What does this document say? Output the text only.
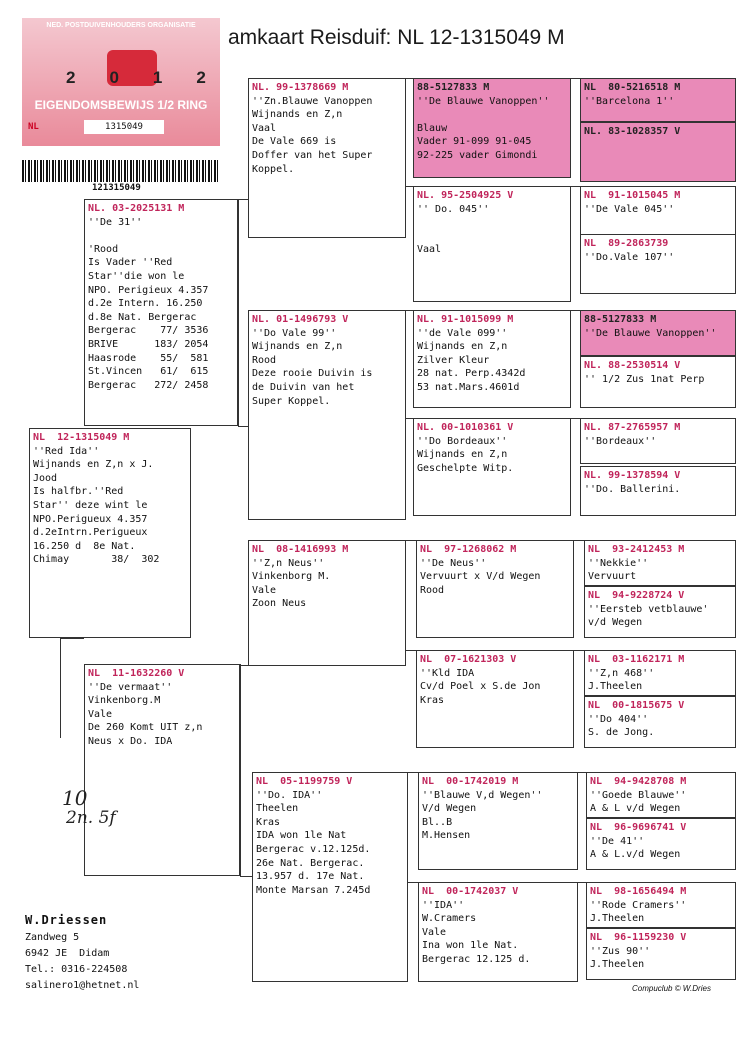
amkaart Reisduif: NL 12-1315049 M
NED. POSTDUIVENHOUDERS ORGANISATIE
2012
EIGENDOMSBEWIJS 1/2 RING
NL	1315049
121315049
NL  12-1315049 M
''Red Ida''
Wijnands en Z,n x J.
Jood
Is halfbr.''Red
Star'' deze wint le
NPO.Perigueux 4.357
d.2eIntrn.Perigueux
16.250 d  8e Nat.
Chimay       38/  302
NL. 03-2025131 M
''De 31''

'Rood
Is Vader ''Red
Star''die won le
NPO. Perigieux 4.357
d.2e Intern. 16.250
d.8e Nat. Bergerac
Bergerac    77/ 3536
BRIVE      183/ 2054
Haasrode    55/  581
St.Vincen   61/  615
Bergerac   272/ 2458
NL  11-1632260 V
''De vermaat''
Vinkenborg.M
Vale
De 260 Komt UIT z,n
Neus x Do. IDA
NL. 99-1378669 M
''Zn.Blauwe Vanoppen
Wijnands en Z,n
Vaal
De Vale 669 is
Doffer van het Super
Koppel.
NL. 01-1496793 V
''Do Vale 99''
Wijnands en Z,n
Rood
Deze rooie Duivin is
de Duivin van het
Super Koppel.
NL  08-1416993 M
''Z,n Neus''
Vinkenborg M.
Vale
Zoon Neus
NL  05-1199759 V
''Do. IDA''
Theelen
Kras
IDA won 1le Nat
Bergerac v.12.125d.
26e Nat. Bergerac.
13.957 d. 17e Nat.
Monte Marsan 7.245d
88-5127833 M
''De Blauwe Vanoppen''

Blauw
Vader 91-099 91-045
92-225 vader Gimondi
NL. 95-2504925 V
'' Do. 045''

Vaal
NL. 91-1015099 M
''de Vale 099''
Wijnands en Z,n
Zilver Kleur
28 nat. Perp.4342d
53 nat.Mars.4601d
NL. 00-1010361 V
''Do Bordeaux''
Wijnands en Z,n
Geschelpte Witp.
NL  97-1268062 M
''De Neus''
Vervuurt x V/d Wegen
Rood
NL  07-1621303 V
''Kld IDA
Cv/d Poel x S.de Jon
Kras
NL  00-1742019 M
''Blauwe V,d Wegen''
V/d Wegen
Bl..B
M.Hensen
NL  00-1742037 V
''IDA''
W.Cramers
Vale
Ina won 1le Nat.
Bergerac 12.125 d.
NL  80-5216518 M
''Barcelona 1''
NL. 83-1028357 V
NL  91-1015045 M
''De Vale 045''
NL  89-2863739
''Do.Vale 107''
88-5127833 M
''De Blauwe Vanoppen''
NL. 88-2530514 V
'' 1/2 Zus 1nat Perp
NL. 87-2765957 M
''Bordeaux''
NL. 99-1378594 V
''Do. Ballerini.
NL  93-2412453 M
''Nekkie''
Vervuurt
NL  94-9228724 V
''Eersteb vetblauwe'
v/d Wegen
NL  03-1162171 M
''Z,n 468''
J.Theelen
NL  00-1815675 V
''Do 404''
S. de Jong.
NL  94-9428708 M
''Goede Blauwe''
A & L v/d Wegen
NL  96-9696741 V
''De 41''
A & L.v/d Wegen
NL  98-1656494 M
''Rode Cramers''
J.Theelen
NL  96-1159230 V
''Zus 90''
J.Theelen
10
2n. 5f
W.Driessen
Zandweg 5
6942 JE  Didam
Tel.: 0316-224508
salinero1@hetnet.nl	Compuclub © W.Dries
